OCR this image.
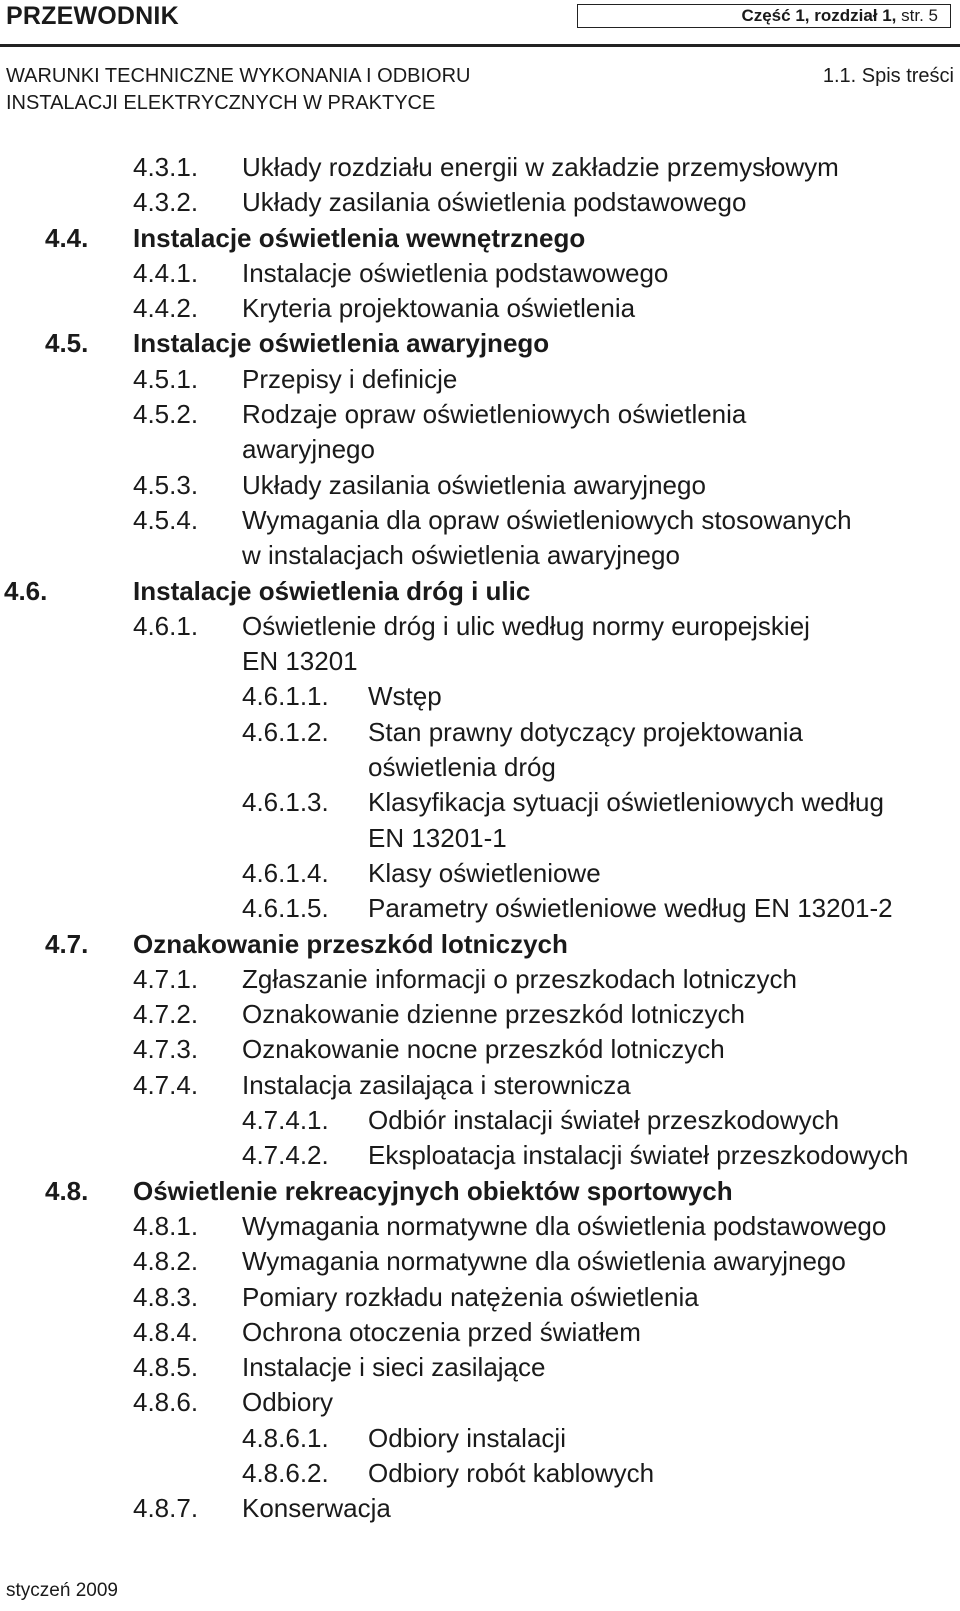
PRZEWODNIK	Część 1, rozdział 1, str. 5
WARUNKI TECHNICZNE WYKONANIA I ODBIORU
INSTALACJI ELEKTRYCZNYCH W PRAKTYCE
1.1. Spis treści
4.3.1. Układy rozdziału energii w zakładzie przemysłowym
4.3.2. Układy zasilania oświetlenia podstawowego
4.4. Instalacje oświetlenia wewnętrznego
4.4.1. Instalacje oświetlenia podstawowego
4.4.2. Kryteria projektowania oświetlenia
4.5. Instalacje oświetlenia awaryjnego
4.5.1. Przepisy i definicje
4.5.2. Rodzaje opraw oświetleniowych oświetlenia
awaryjnego
4.5.3. Układy zasilania oświetlenia awaryjnego
4.5.4. Wymagania dla opraw oświetleniowych stosowanych
w instalacjach oświetlenia awaryjnego
4.6.	Instalacje oświetlenia dróg i ulic
4.6.1. Oświetlenie dróg i ulic według normy europejskiej
EN 13201
4.6.1.1. Wstęp
4.6.1.2. Stan prawny dotyczący projektowania
oświetlenia dróg
4.6.1.3. Klasyfikacja sytuacji oświetleniowych według
EN 13201-1
4.6.1.4. Klasy oświetleniowe
4.6.1.5. Parametry oświetleniowe według EN 13201-2
4.7. Oznakowanie przeszkód lotniczych
4.7.1. Zgłaszanie informacji o przeszkodach lotniczych
4.7.2. Oznakowanie dzienne przeszkód lotniczych
4.7.3. Oznakowanie nocne przeszkód lotniczych
4.7.4. Instalacja zasilająca i sterownicza
4.7.4.1. Odbiór instalacji świateł przeszkodowych
4.7.4.2. Eksploatacja instalacji świateł przeszkodowych
4.8. Oświetlenie rekreacyjnych obiektów sportowych
4.8.1. Wymagania normatywne dla oświetlenia podstawowego
4.8.2. Wymagania normatywne dla oświetlenia awaryjnego
4.8.3. Pomiary rozkładu natężenia oświetlenia
4.8.4. Ochrona otoczenia przed światłem
4.8.5. Instalacje i sieci zasilające
4.8.6. Odbiory
4.8.6.1. Odbiory instalacji
4.8.6.2. Odbiory robót kablowych
4.8.7. Konserwacja
styczeń 2009
